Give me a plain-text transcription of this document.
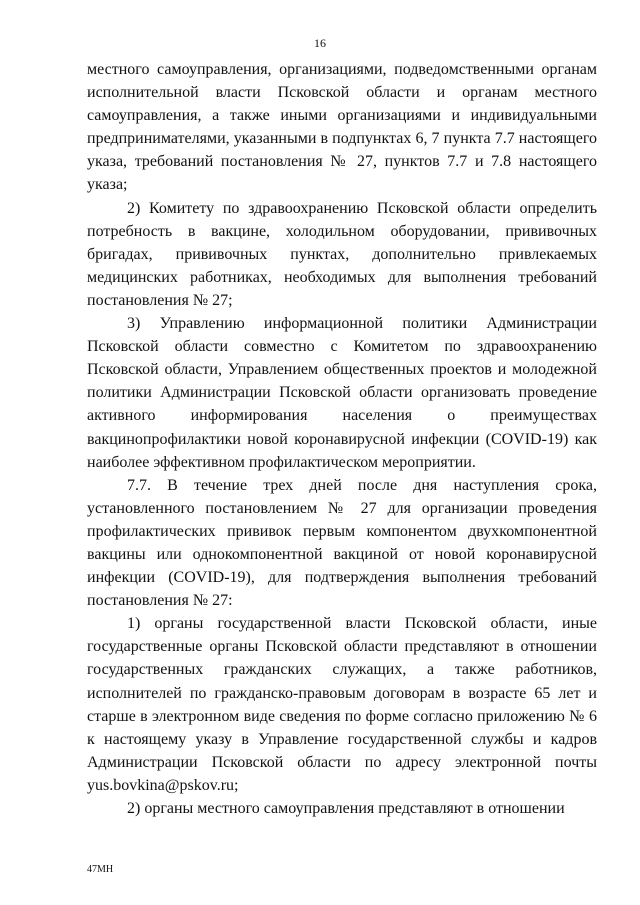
16

местного самоуправления, организациями, подведомственными органам исполнительной власти Псковской области и органам местного самоуправления, а также иными организациями и индивидуальными предпринимателями, указанными в подпунктах 6, 7 пункта 7.7 настоящего указа, требований постановления № 27, пунктов 7.7 и 7.8 настоящего указа;

2) Комитету по здравоохранению Псковской области определить потребность в вакцине, холодильном оборудовании, прививочных бригадах, прививочных пунктах, дополнительно привлекаемых медицинских работниках, необходимых для выполнения требований постановления № 27;

3) Управлению информационной политики Администрации Псковской области совместно с Комитетом по здравоохранению Псковской области, Управлением общественных проектов и молодежной политики Администрации Псковской области организовать проведение активного информирования населения о преимуществах вакцинопрофилактики новой коронавирусной инфекции (COVID-19) как наиболее эффективном профилактическом мероприятии.

7.7. В течение трех дней после дня наступления срока, установленного постановлением № 27 для организации проведения профилактических прививок первым компонентом двухкомпонентной вакцины или однокомпонентной вакциной от новой коронавирусной инфекции (COVID-19), для подтверждения выполнения требований постановления № 27:

1) органы государственной власти Псковской области, иные государственные органы Псковской области представляют в отношении государственных гражданских служащих, а также работников, исполнителей по гражданско-правовым договорам в возрасте 65 лет и старше в электронном виде сведения по форме согласно приложению № 6 к настоящему указу в Управление государственной службы и кадров Администрации Псковской области по адресу электронной почты yus.bovkina@pskov.ru;

2) органы местного самоуправления представляют в отношении

47МН
